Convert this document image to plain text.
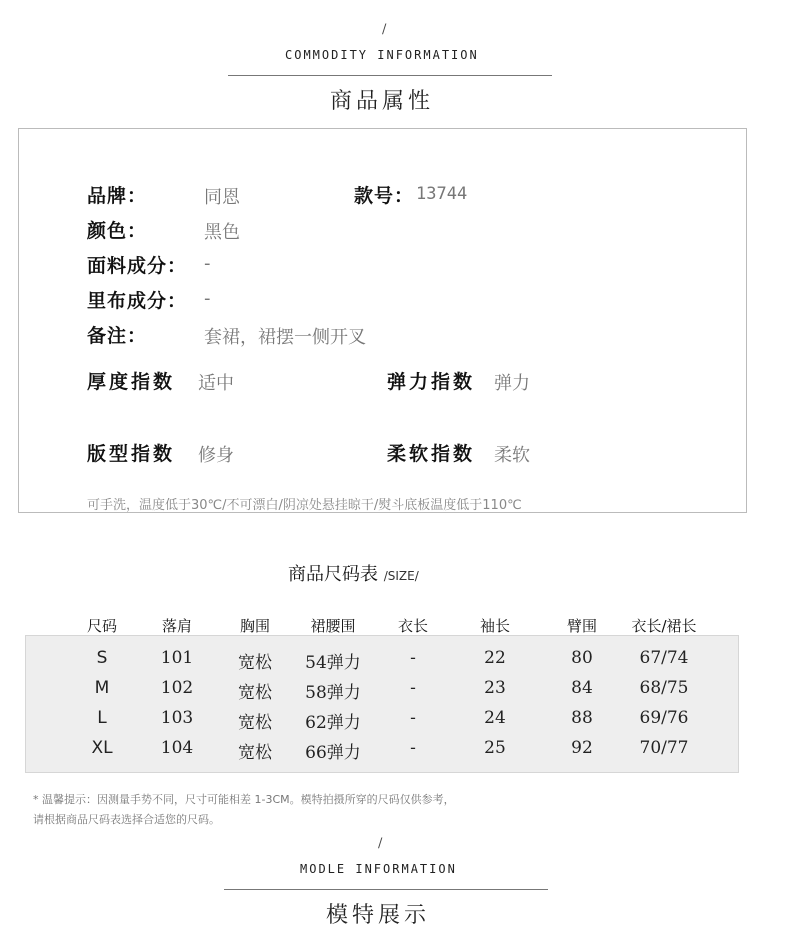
/
COMMODITY INFORMATION
商品属性
品牌：	同恩	款号： 13744
颜色：	黑色
面料成分： -
里布成分： -
备注：	套裙，裙摆一侧开叉
厚度指数 适中	弹力指数 弹力
版型指数 修身	柔软指数 柔软
可手洗，温度低于30℃/不可漂白/阴凉处悬挂晾干/熨斗底板温度低于110℃
商品尺码表 /SIZE/
尺码	落肩	胸围	裙腰围	衣长	袖长	臂围	衣长/裙长
S	101	宽松	54弹力	-	22	80	67/74
M	102	宽松	58弹力	-	23	84	68/75
L	103	宽松	62弹力	-	24	88	69/76
XL	104	宽松	66弹力	-	25	92	70/77
* 温馨提示：因测量手势不同，尺寸可能相差 1-3CM。模特拍摄所穿的尺码仅供参考，
请根据商品尺码表选择合适您的尺码。
/
MODLE INFORMATION
模特展示
